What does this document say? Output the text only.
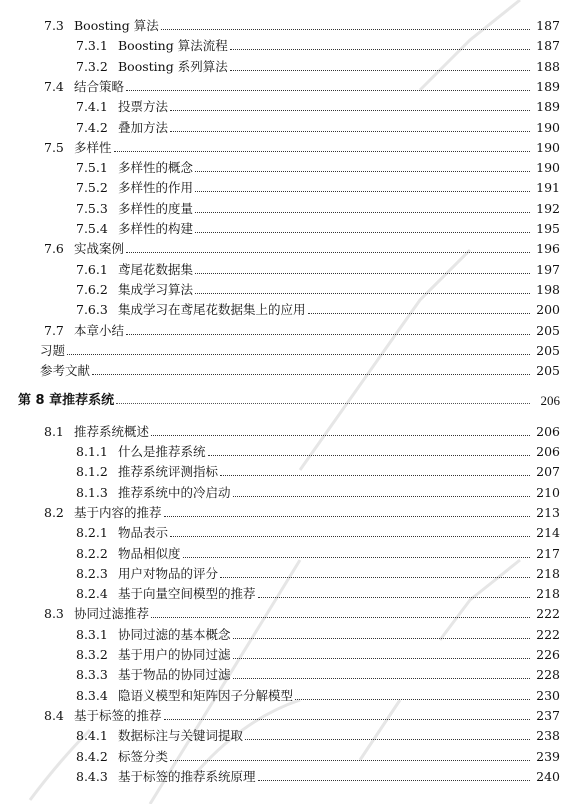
7.3 Boosting 算法	187
7.3.1 Boosting 算法流程	187
7.3.2 Boosting 系列算法	188
7.4 结合策略	189
7.4.1 投票方法	189
7.4.2 叠加方法	190
7.5 多样性	190
7.5.1 多样性的概念	190
7.5.2 多样性的作用	191
7.5.3 多样性的度量	192
7.5.4 多样性的构建	195
7.6 实战案例	196
7.6.1 鸢尾花数据集	197
7.6.2 集成学习算法	198
7.6.3 集成学习在鸢尾花数据集上的应用	200
7.7 本章小结	205
习题	205
参考文献	205
第 8 章 推荐系统	206
8.1 推荐系统概述	206
8.1.1 什么是推荐系统	206
8.1.2 推荐系统评测指标	207
8.1.3 推荐系统中的冷启动	210
8.2 基于内容的推荐	213
8.2.1 物品表示	214
8.2.2 物品相似度	217
8.2.3 用户对物品的评分	218
8.2.4 基于向量空间模型的推荐	218
8.3 协同过滤推荐	222
8.3.1 协同过滤的基本概念	222
8.3.2 基于用户的协同过滤	226
8.3.3 基于物品的协同过滤	228
8.3.4 隐语义模型和矩阵因子分解模型	230
8.4 基于标签的推荐	237
8.4.1 数据标注与关键词提取	238
8.4.2 标签分类	239
8.4.3 基于标签的推荐系统原理	240
